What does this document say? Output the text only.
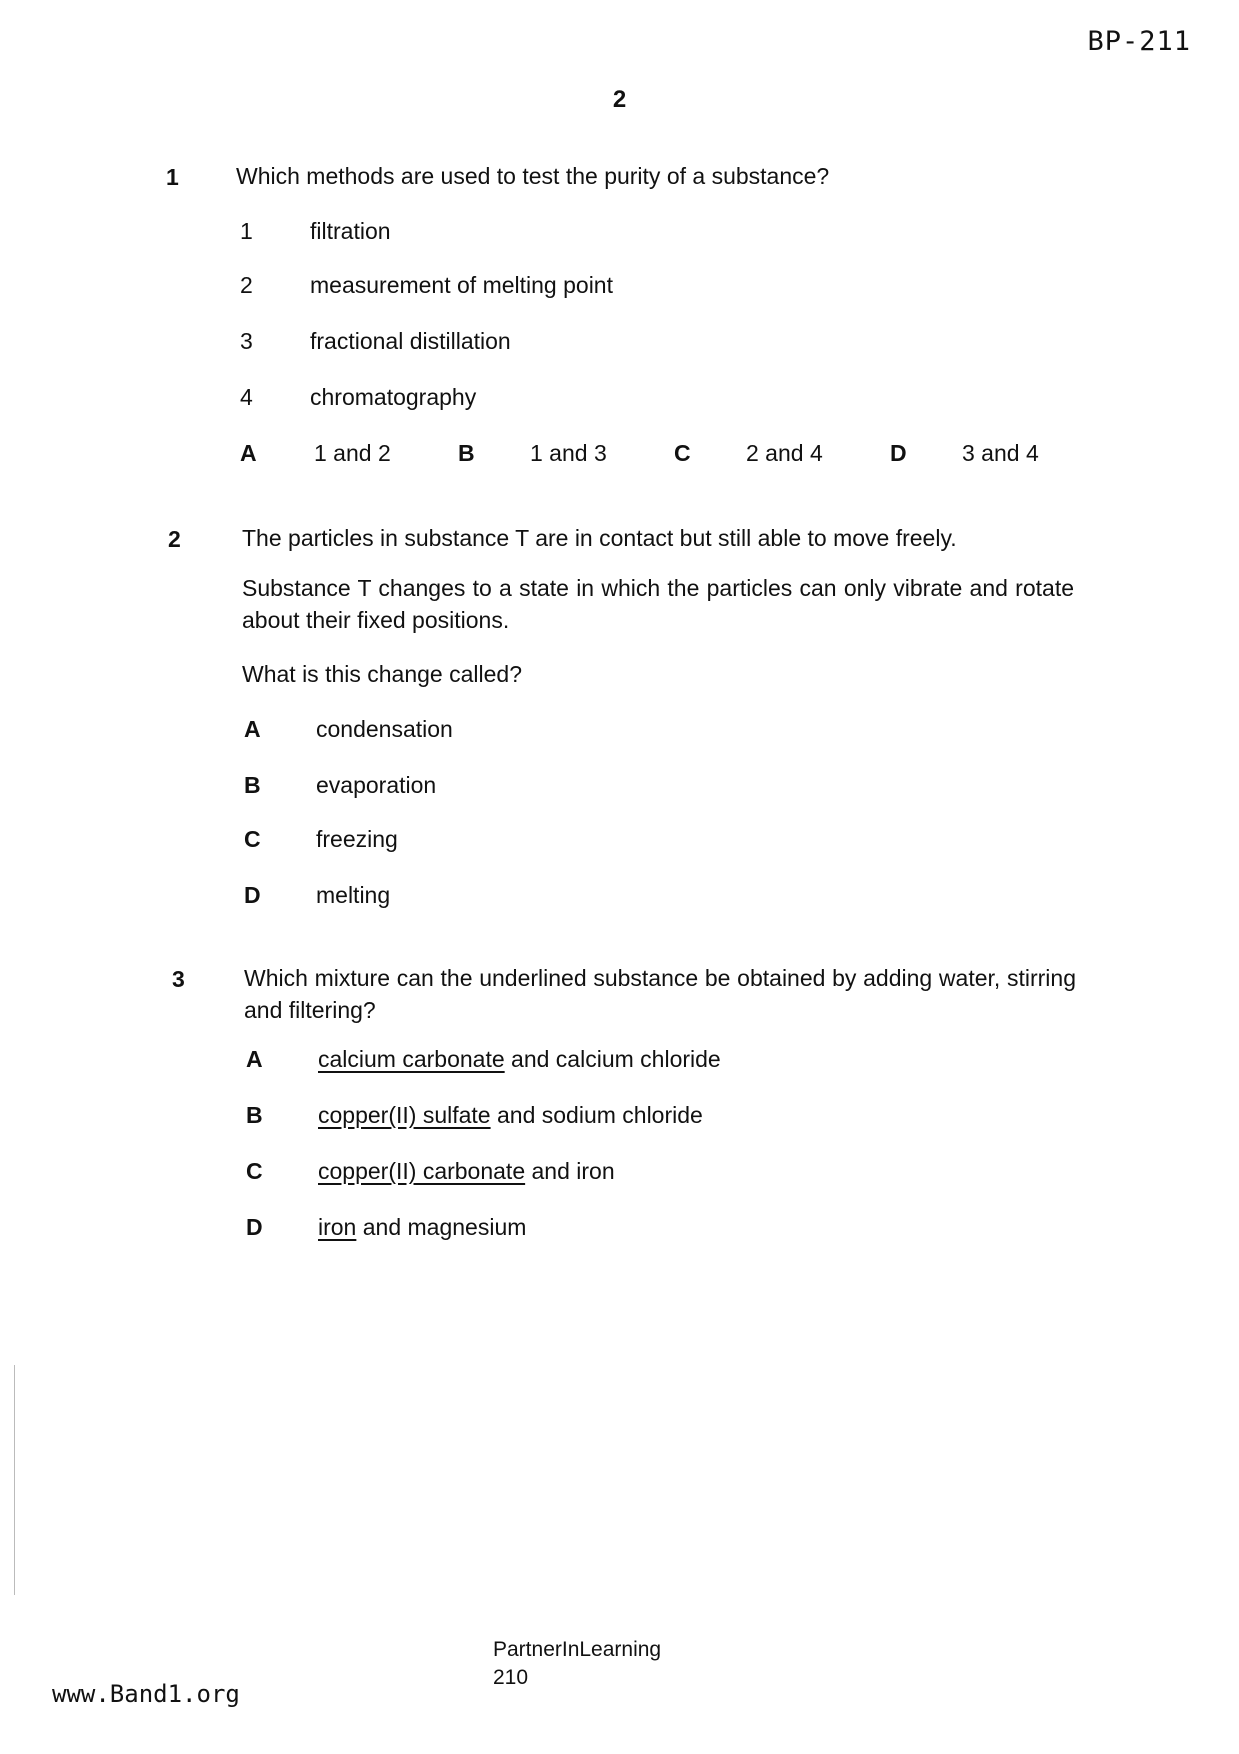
BP-211
2
1 Which methods are used to test the purity of a substance?
1 filtration
2 measurement of melting point
3 fractional distillation
4 chromatography
A 1 and 2	B 1 and 3	C 2 and 4	D 3 and 4
2	The particles in substance T are in contact but still able to move freely.
Substance T changes to a state in which the particles can only vibrate and rotate about their fixed positions.
What is this change called?
A condensation
B evaporation
C freezing
D melting
3	Which mixture can the underlined substance be obtained by adding water, stirring and filtering?
A calcium carbonate and calcium chloride
B copper(II) sulfate and sodium chloride
C copper(II) carbonate and iron
D iron and magnesium
PartnerInLearning
210
www.Band1.org
